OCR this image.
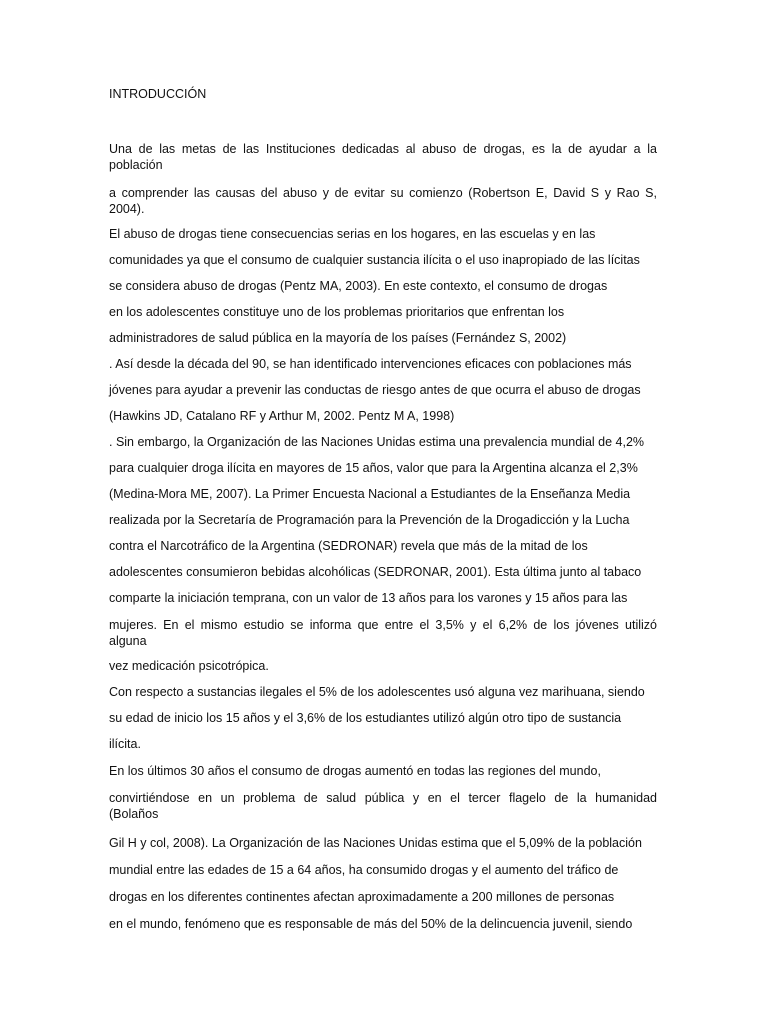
INTRODUCCIÓN
Una de las metas de las Instituciones dedicadas al abuso de drogas, es la de ayudar a la
población
a comprender las causas del abuso y de evitar su comienzo (Robertson E, David S y Rao S,
2004).
El abuso de drogas tiene consecuencias serias en los hogares, en las escuelas y en las
comunidades ya que el consumo de cualquier sustancia ilícita o el uso inapropiado de las lícitas
se considera abuso de drogas (Pentz MA, 2003). En este contexto, el consumo de drogas
en los adolescentes constituye uno de los problemas prioritarios que enfrentan los
administradores de salud pública en la mayoría de los países (Fernández S, 2002)
. Así desde la década del 90, se han identificado intervenciones eficaces con poblaciones más
jóvenes para ayudar a prevenir las conductas de riesgo antes de que ocurra el abuso de drogas
(Hawkins JD, Catalano RF y Arthur M, 2002. Pentz M A, 1998)
. Sin embargo, la Organización de las Naciones Unidas estima una prevalencia mundial de 4,2%
para cualquier droga ilícita en mayores de 15 años, valor que para la Argentina alcanza el 2,3%
(Medina-Mora ME, 2007). La Primer Encuesta Nacional a Estudiantes de la Enseñanza Media
realizada por la Secretaría de Programación para la Prevención de la Drogadicción y la Lucha
contra el Narcotráfico de la Argentina (SEDRONAR) revela que más de la mitad de los
adolescentes consumieron bebidas alcohólicas (SEDRONAR, 2001). Esta última junto al tabaco
comparte la iniciación temprana, con un valor de 13 años para los varones y 15 años para las
mujeres. En el mismo estudio se informa que entre el 3,5% y el 6,2% de los jóvenes utilizó
alguna
vez medicación psicotrópica.
Con respecto a sustancias ilegales el 5% de los adolescentes usó alguna vez marihuana, siendo
su edad de inicio los 15 años y el 3,6% de los estudiantes utilizó algún otro tipo de sustancia
ilícita.
En los últimos 30 años el consumo de drogas aumentó en todas las regiones del mundo,
convirtiéndose en un problema de salud pública y en el tercer flagelo de la humanidad
(Bolaños
Gil H y col, 2008). La Organización de las Naciones Unidas estima que el 5,09% de la población
mundial entre las edades de 15 a 64 años, ha consumido drogas y el aumento del tráfico de
drogas en los diferentes continentes afectan aproximadamente a 200 millones de personas
en el mundo, fenómeno que es responsable de más del 50% de la delincuencia juvenil, siendo
